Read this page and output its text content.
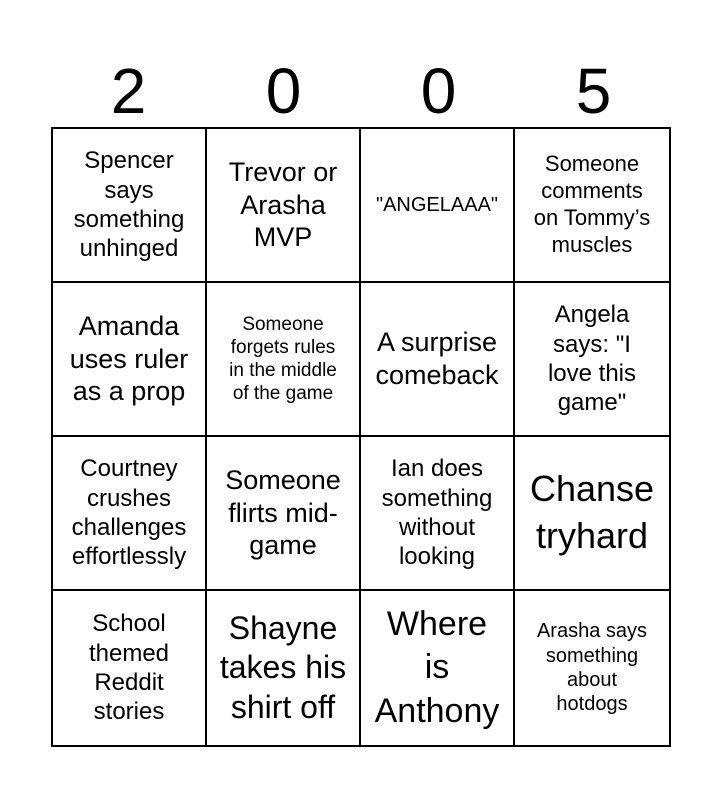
2	0	0	5
Spencer
says
something
unhinged
Trevor or
Arasha
MVP
"ANGELAAA"
Someone
comments
on Tommy’s
muscles
Amanda
uses ruler
as a prop
Someone
forgets rules
in the middle
of the game
A surprise
comeback
Angela
says: "I
love this
game"
Courtney
crushes
challenges
effortlessly
Someone
flirts mid-
game
Ian does
something
without
looking
Chanse
tryhard
School
themed
Reddit
stories
Shayne
takes his
shirt off
Where
is
Anthony
Arasha says
something
about
hotdogs
